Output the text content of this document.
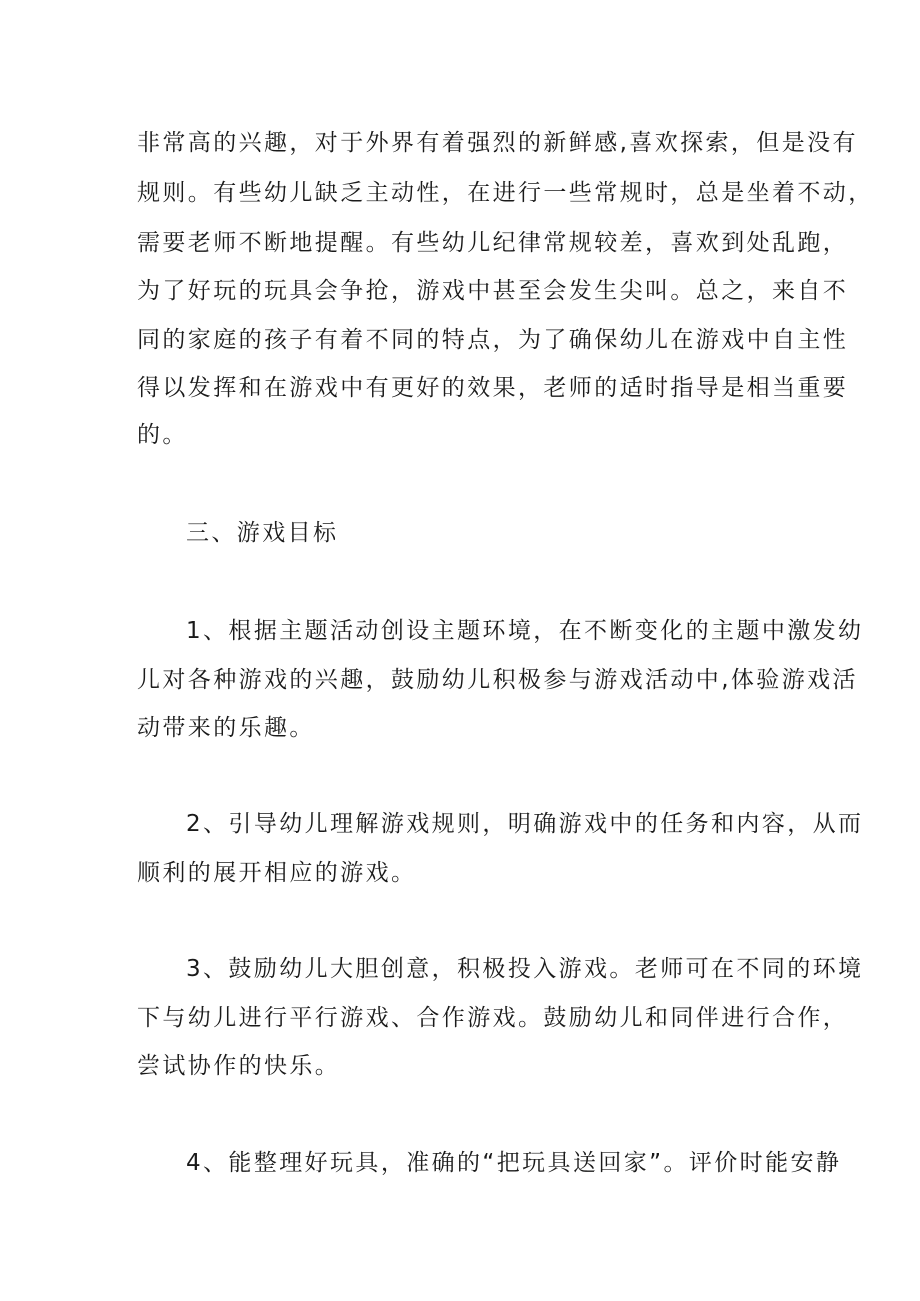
非常高的兴趣，对于外界有着强烈的新鲜感,喜欢探索，但是没有
规则。有些幼儿缺乏主动性，在进行一些常规时，总是坐着不动，
需要老师不断地提醒。有些幼儿纪律常规较差，喜欢到处乱跑，
为了好玩的玩具会争抢，游戏中甚至会发生尖叫。总之，来自不
同的家庭的孩子有着不同的特点，为了确保幼儿在游戏中自主性
得以发挥和在游戏中有更好的效果，老师的适时指导是相当重要
的。
三、游戏目标
1、根据主题活动创设主题环境，在不断变化的主题中激发幼
儿对各种游戏的兴趣，鼓励幼儿积极参与游戏活动中,体验游戏活
动带来的乐趣。
2、引导幼儿理解游戏规则，明确游戏中的任务和内容，从而
顺利的展开相应的游戏。
3、鼓励幼儿大胆创意，积极投入游戏。老师可在不同的环境
下与幼儿进行平行游戏、合作游戏。鼓励幼儿和同伴进行合作，
尝试协作的快乐。
4、能整理好玩具，准确的“把玩具送回家”。评价时能安静
